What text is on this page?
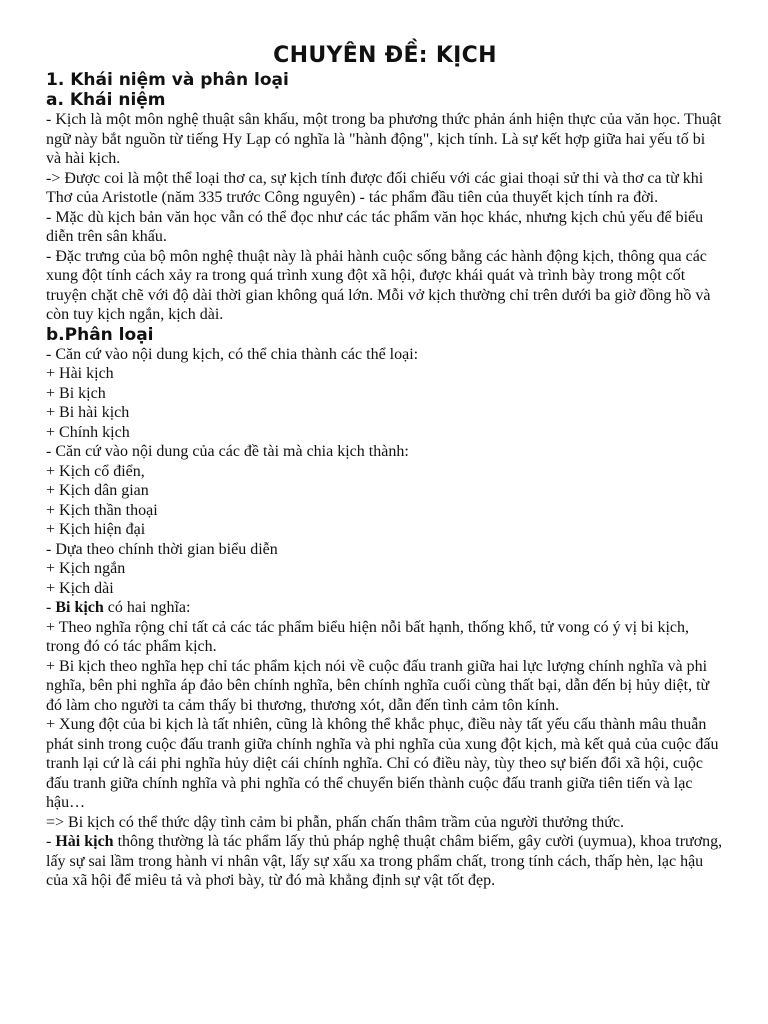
CHUYÊN ĐỀ: KỊCH
1. Khái niệm và phân loại
a. Khái niệm
- Kịch là một môn nghệ thuật sân khấu, một trong ba phương thức phản ánh hiện thực của văn học. Thuật ngữ này bắt nguồn từ tiếng Hy Lạp có nghĩa là "hành động", kịch tính. Là sự kết hợp giữa hai yếu tố bi và hài kịch.
-> Được coi là một thể loại thơ ca, sự kịch tính được đối chiếu với các giai thoại sử thi và thơ ca từ khi Thơ của Aristotle (năm 335 trước Công nguyên) - tác phẩm đầu tiên của thuyết kịch tính ra đời.
- Mặc dù kịch bản văn học vẫn có thể đọc như các tác phẩm văn học khác, nhưng kịch chủ yếu để biểu diễn trên sân khấu.
- Đặc trưng của bộ môn nghệ thuật này là phải hành cuộc sống bằng các hành động kịch, thông qua các xung đột tính cách xảy ra trong quá trình xung đột xã hội, được khái quát và trình bày trong một cốt truyện chặt chẽ với độ dài thời gian không quá lớn. Mỗi vở kịch thường chỉ trên dưới ba giờ đồng hồ và còn tuy kịch ngắn, kịch dài.
b.Phân loại
- Căn cứ vào nội dung kịch, có thể chia thành các thể loại:
+ Hài kịch
+ Bi kịch
+ Bi hài kịch
+ Chính kịch
- Căn cứ vào nội dung của các đề tài mà chia kịch thành:
+ Kịch cổ điển,
+ Kịch dân gian
+ Kịch thần thoại
+ Kịch hiện đại
- Dựa theo chính thời gian biểu diễn
+ Kịch ngắn
+ Kịch dài
- Bi kịch có hai nghĩa:
+ Theo nghĩa rộng chỉ tất cả các tác phẩm biểu hiện nỗi bất hạnh, thống khổ, tử vong có ý vị bi kịch, trong đó có tác phẩm kịch.
+ Bi kịch theo nghĩa hẹp chỉ tác phẩm kịch nói về cuộc đấu tranh giữa hai lực lượng chính nghĩa và phi nghĩa, bên phi nghĩa áp đảo bên chính nghĩa, bên chính nghĩa cuối cùng thất bại, dẫn đến bị hủy diệt, từ đó làm cho người ta cảm thấy bi thương, thương xót, dẫn đến tình cảm tôn kính.
+ Xung đột của bi kịch là tất nhiên, cũng là không thể khắc phục, điều này tất yếu cấu thành mâu thuẫn phát sinh trong cuộc đấu tranh giữa chính nghĩa và phi nghĩa của xung đột kịch, mà kết quả của cuộc đấu tranh lại cứ là cái phi nghĩa hủy diệt cái chính nghĩa. Chỉ có điều này, tùy theo sự biến đổi xã hội, cuộc đấu tranh giữa chính nghĩa và phi nghĩa có thể chuyển biến thành cuộc đấu tranh giữa tiên tiến và lạc hậu…
=> Bi kịch có thể thức dậy tình cảm bi phẫn, phấn chấn thâm trầm của người thưởng thức.
- Hài kịch thông thường là tác phẩm lấy thủ pháp nghệ thuật châm biếm, gây cười (uymua), khoa trương, lấy sự sai lầm trong hành vi nhân vật, lấy sự xấu xa trong phẩm chất, trong tính cách, thấp hèn, lạc hậu của xã hội để miêu tả và phơi bày, từ đó mà khẳng định sự vật tốt đẹp.
